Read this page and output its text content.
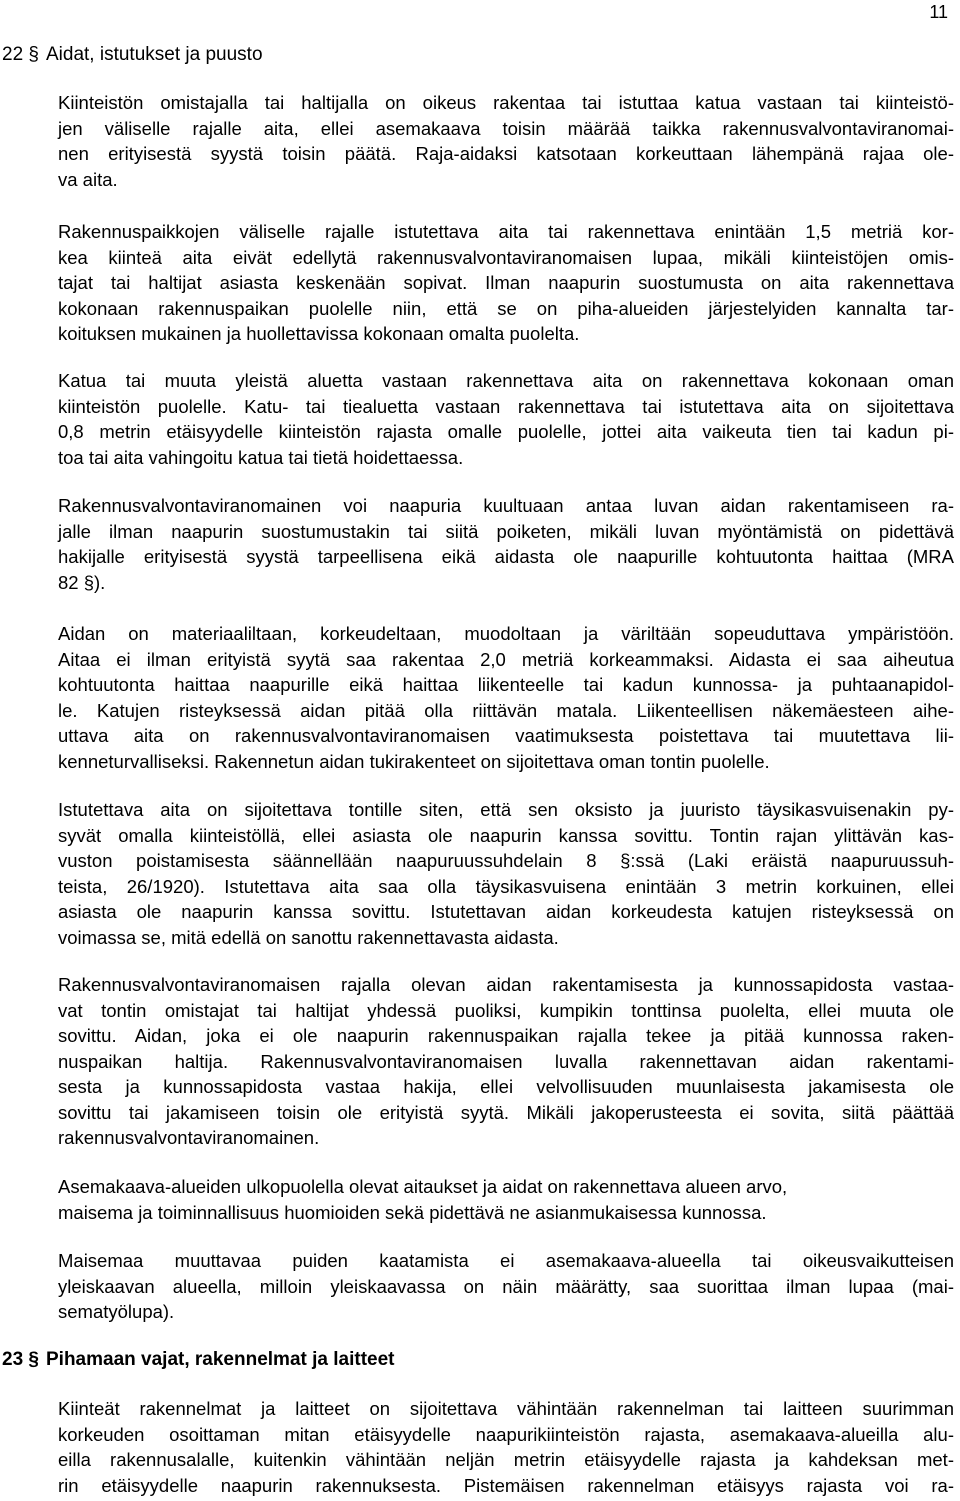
11
22 § Aidat, istutukset ja puusto
Kiinteistön omistajalla tai haltijalla on oikeus rakentaa tai istuttaa katua vastaan tai kiinteistö-
jen väliselle rajalle aita, ellei asemakaava toisin määrää taikka rakennusvalvontaviranomai-
nen erityisestä syystä toisin päätä. Raja-aidaksi katsotaan korkeuttaan lähempänä rajaa ole-
va aita.
Rakennuspaikkojen väliselle rajalle istutettava aita tai rakennettava enintään 1,5 metriä kor-
kea kiinteä aita eivät edellytä rakennusvalvontaviranomaisen lupaa, mikäli kiinteistöjen omis-
tajat tai haltijat asiasta keskenään sopivat. Ilman naapurin suostumusta on aita rakennettava
kokonaan rakennuspaikan puolelle niin, että se on piha-alueiden järjestelyiden kannalta tar-
koituksen mukainen ja huollettavissa kokonaan omalta puolelta.
Katua tai muuta yleistä aluetta vastaan rakennettava aita on rakennettava kokonaan oman
kiinteistön puolelle. Katu- tai tiealuetta vastaan rakennettava tai istutettava aita on sijoitettava
0,8 metrin etäisyydelle kiinteistön rajasta omalle puolelle, jottei aita vaikeuta tien tai kadun pi-
toa tai aita vahingoitu katua tai tietä hoidettaessa.
Rakennusvalvontaviranomainen voi naapuria kuultuaan antaa luvan aidan rakentamiseen ra-
jalle ilman naapurin suostumustakin tai siitä poiketen, mikäli luvan myöntämistä on pidettävä
hakijalle erityisestä syystä tarpeellisena eikä aidasta ole naapurille kohtuutonta haittaa (MRA
82 §).
Aidan on materiaaliltaan, korkeudeltaan, muodoltaan ja väriltään sopeuduttava ympäristöön.
Aitaa ei ilman erityistä syytä saa rakentaa 2,0 metriä korkeammaksi. Aidasta ei saa aiheutua
kohtuutonta haittaa naapurille eikä haittaa liikenteelle tai kadun kunnossa- ja puhtaanapidol-
le. Katujen risteyksessä aidan pitää olla riittävän matala. Liikenteellisen näkemäesteen aihe-
uttava aita on rakennusvalvontaviranomaisen vaatimuksesta poistettava tai muutettava lii-
kenneturvalliseksi. Rakennetun aidan tukirakenteet on sijoitettava oman tontin puolelle.
Istutettava aita on sijoitettava tontille siten, että sen oksisto ja juuristo täysikasvuisenakin py-
syvät omalla kiinteistöllä, ellei asiasta ole naapurin kanssa sovittu. Tontin rajan ylittävän kas-
vuston poistamisesta säännellään naapuruussuhdelain 8 §:ssä (Laki eräistä naapuruussuh-
teista, 26/1920). Istutettava aita saa olla täysikasvuisena enintään 3 metrin korkuinen, ellei
asiasta ole naapurin kanssa sovittu. Istutettavan aidan korkeudesta katujen risteyksessä on
voimassa se, mitä edellä on sanottu rakennettavasta aidasta.
Rakennusvalvontaviranomaisen rajalla olevan aidan rakentamisesta ja kunnossapidosta vastaa-
vat tontin omistajat tai haltijat yhdessä puoliksi, kumpikin tonttinsa puolelta, ellei muuta ole
sovittu. Aidan, joka ei ole naapurin rakennuspaikan rajalla tekee ja pitää kunnossa raken-
nuspaikan haltija. Rakennusvalvontaviranomaisen luvalla rakennettavan aidan rakentami-
sesta ja kunnossapidosta vastaa hakija, ellei velvollisuuden muunlaisesta jakamisesta ole
sovittu tai jakamiseen toisin ole erityistä syytä. Mikäli jakoperusteesta ei sovita, siitä päättää
rakennusvalvontaviranomainen.
Asemakaava-alueiden ulkopuolella olevat aitaukset ja aidat on rakennettava alueen arvo,
maisema ja toiminnallisuus huomioiden sekä pidettävä ne asianmukaisessa kunnossa.
Maisemaa muuttavaa puiden kaatamista ei asemakaava-alueella tai oikeusvaikutteisen
yleiskaavan alueella, milloin yleiskaavassa on näin määrätty, saa suorittaa ilman lupaa (mai-
sematyölupa).
23 § Pihamaan vajat, rakennelmat ja laitteet
Kiinteät rakennelmat ja laitteet on sijoitettava vähintään rakennelman tai laitteen suurimman
korkeuden osoittaman mitan etäisyydelle naapurikiinteistön rajasta, asemakaava-alueilla alu-
eilla rakennusalalle, kuitenkin vähintään neljän metrin etäisyydelle rajasta ja kahdeksan met-
rin etäisyydelle naapurin rakennuksesta. Pistemäisen rakennelman etäisyys rajasta voi ra-
